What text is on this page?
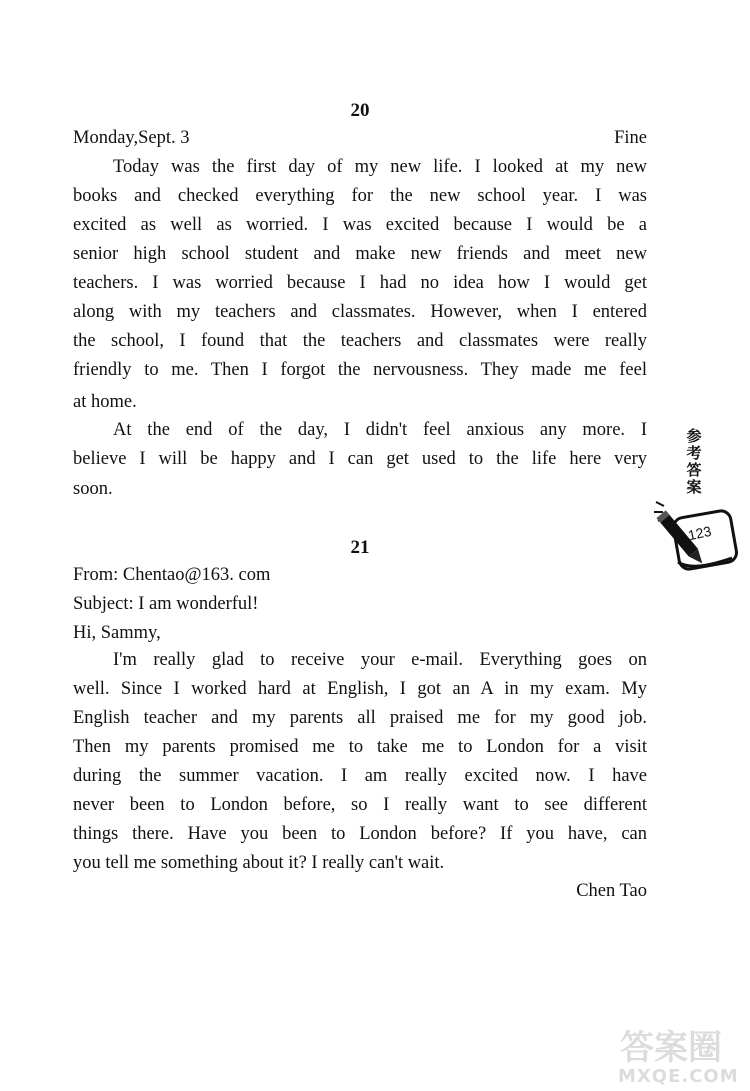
20
Monday,Sept. 3	Fine
Today was the first day of my new life. I looked at my new
books and checked everything for the new school year. I was
excited as well as worried. I was excited because I would be a
senior high school student and make new friends and meet new
teachers. I was worried because I had no idea how I would get
along with my teachers and classmates. However, when I entered
the school, I found that the teachers and classmates were really
friendly to me. Then I forgot the nervousness. They made me feel
at home.
At the end of the day, I didn't feel anxious any more. I
believe I will be happy and I can get used to the life here very
soon.
21
From: Chentao@163. com
Subject: I am wonderful!
Hi, Sammy,
I'm really glad to receive your e-mail. Everything goes on
well. Since I worked hard at English, I got an A in my exam. My
English teacher and my parents all praised me for my good job.
Then my parents promised me to take me to London for a visit
during the summer vacation. I am really excited now. I have
never been to London before, so I really want to see different
things there. Have you been to London before? If you have, can
you tell me something about it? I really can't wait.
Chen Tao
参
考
答
案
123
答案圈
MXQE.COM
